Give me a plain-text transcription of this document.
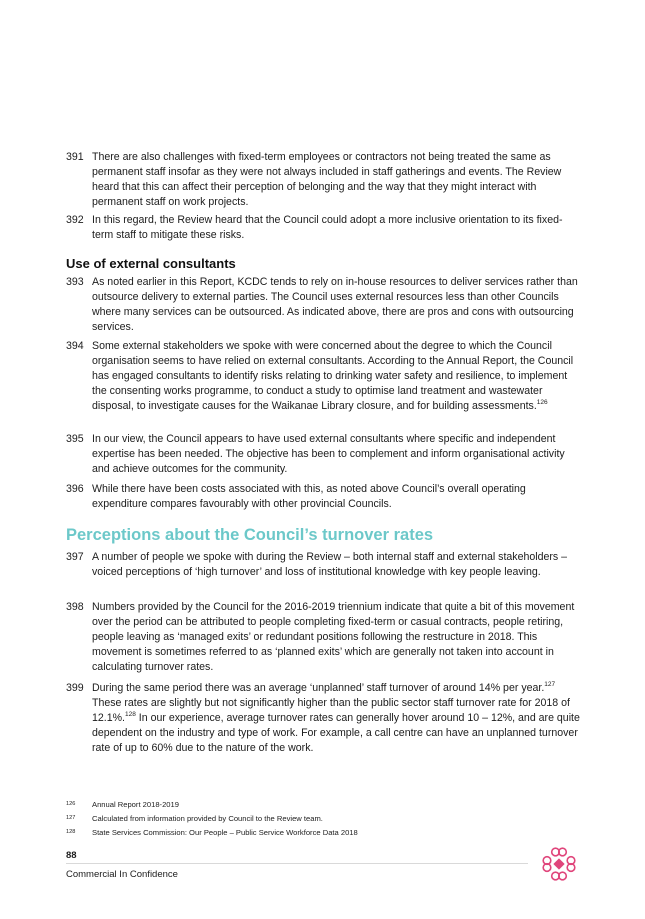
391 There are also challenges with fixed-term employees or contractors not being treated the same as permanent staff insofar as they were not always included in staff gatherings and events. The Review heard that this can affect their perception of belonging and the way that they might interact with permanent staff on work projects.
392 In this regard, the Review heard that the Council could adopt a more inclusive orientation to its fixed-term staff to mitigate these risks.
Use of external consultants
393 As noted earlier in this Report, KCDC tends to rely on in-house resources to deliver services rather than outsource delivery to external parties. The Council uses external resources less than other Councils where many services can be outsourced. As indicated above, there are pros and cons with outsourcing services.
394 Some external stakeholders we spoke with were concerned about the degree to which the Council organisation seems to have relied on external consultants. According to the Annual Report, the Council has engaged consultants to identify risks relating to drinking water safety and resilience, to implement the consenting works programme, to conduct a study to optimise land treatment and wastewater disposal, to investigate causes for the Waikanae Library closure, and for building assessments.$^{126}$
395 In our view, the Council appears to have used external consultants where specific and independent expertise has been needed. The objective has been to complement and inform organisational activity and achieve outcomes for the community.
396 While there have been costs associated with this, as noted above Council’s overall operating expenditure compares favourably with other provincial Councils.
Perceptions about the Council’s turnover rates
397 A number of people we spoke with during the Review – both internal staff and external stakeholders – voiced perceptions of ‘high turnover’ and loss of institutional knowledge with key people leaving.
398 Numbers provided by the Council for the 2016-2019 triennium indicate that quite a bit of this movement over the period can be attributed to people completing fixed-term or casual contracts, people retiring, people leaving as ‘managed exits’ or redundant positions following the restructure in 2018. This movement is sometimes referred to as ‘planned exits’ which are generally not taken into account in calculating turnover rates.
399 During the same period there was an average ‘unplanned’ staff turnover of around 14% per year.$^{127}$ These rates are slightly but not significantly higher than the public sector staff turnover rate for 2018 of 12.1%.$^{128}$ In our experience, average turnover rates can generally hover around 10 – 12%, and are quite dependent on the industry and type of work. For example, a call centre can have an unplanned turnover rate of up to 60% due to the nature of the work.
126 Annual Report 2018-2019
127 Calculated from information provided by Council to the Review team.
128 State Services Commission: Our People – Public Service Workforce Data 2018
88
Commercial In Confidence
